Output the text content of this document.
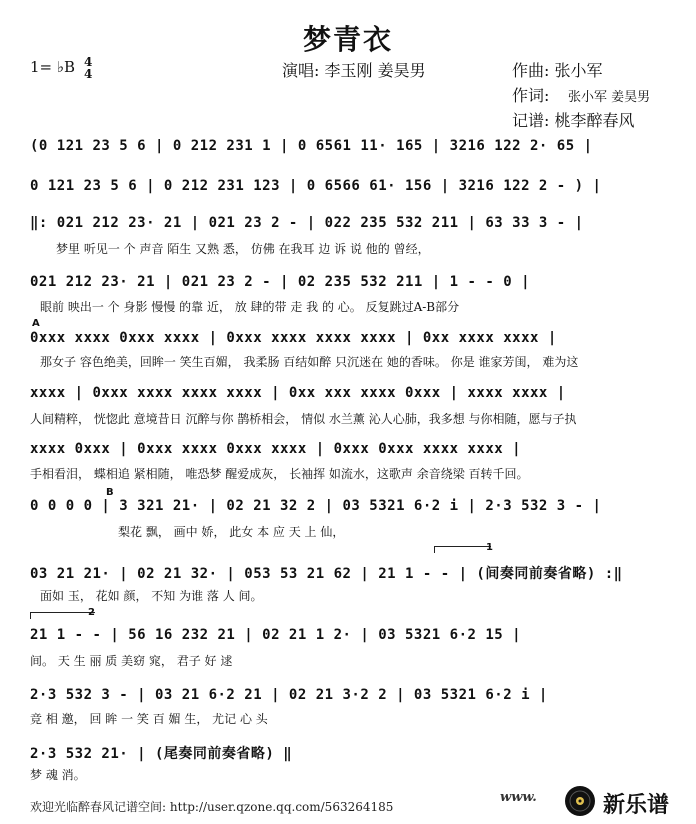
梦青衣
1= ♭B 4
4	演唱: 李玉刚 姜昊男	作曲: 张小军
作词: 张小军 姜昊男
记谱: 桃李醉春风
(0 121 23 5 6 | 0 212 231 1 | 0 6561 11· 165 | 3216 122 2· 65 |
0 121 23 5 6 | 0 212 231 123 | 0 6566 61· 156 | 3216 122 2 - ) |
‖: 021 212 23· 21 | 021 23 2 - | 022 235 532 211 | 63 33 3 - |
梦里 听见一 个 声音 陌生 又熟 悉， 仿佛 在我耳 边 诉 说 他的 曾经，
021 212 23· 21 | 021 23 2 - | 02 235 532 211 | 1 - - 0 |
眼前 映出一 个 身影 慢慢 的靠 近， 放 肆的带 走 我 的 心。 反复跳过A-B部分
A
0xxx xxxx 0xxx xxxx | 0xxx xxxx xxxx xxxx | 0xx xxxx xxxx |
那女子 容色绝美，回眸一 笑生百媚， 我柔肠 百结如醉 只沉迷在 她的香味。 你是 谁家芳闺， 难为这
xxxx | 0xxx xxxx xxxx xxxx | 0xx xxx xxxx 0xxx | xxxx xxxx |
人间精粹， 恍惚此 意境昔日 沉醉与你 鹊桥相会， 情似 水兰薰 沁人心肺，我多想 与你相随，愿与子执
xxxx 0xxx | 0xxx xxxx 0xxx xxxx | 0xxx 0xxx xxxx xxxx |
手相看泪， 蝶相追 紧相随， 唯恐梦 醒爱成灰， 长袖挥 如流水，这歌声 余音绕梁 百转千回。
B
0 0 0 0 | 3 321 21· | 02 21 32 2 | 03 5321 6·2 i | 2·3 532 3 - |
梨花 飘， 画中 娇， 此女 本 应 天 上 仙，
1
03 21 21· | 02 21 32· | 053 53 21 62 | 21 1 - - | (间奏同前奏省略) :‖
面如 玉， 花如 颜， 不知 为谁 落 人 间。
2
21 1 - - | 56 16 232 21 | 02 21 1 2· | 03 5321 6·2 15 |
间。 天 生 丽 质 美窈 窕， 君子 好 逑
2·3 532 3 - | 03 21 6·2 21 | 02 21 3·2 2 | 03 5321 6·2 i |
竞 相 邀， 回 眸 一 笑 百 媚 生， 尤记 心 头
2·3 532 21· | (尾奏同前奏省略) ‖
梦 魂 消。
欢迎光临醉春风记谱空间: http://user.qzone.qq.com/563264185
www.	新乐谱
